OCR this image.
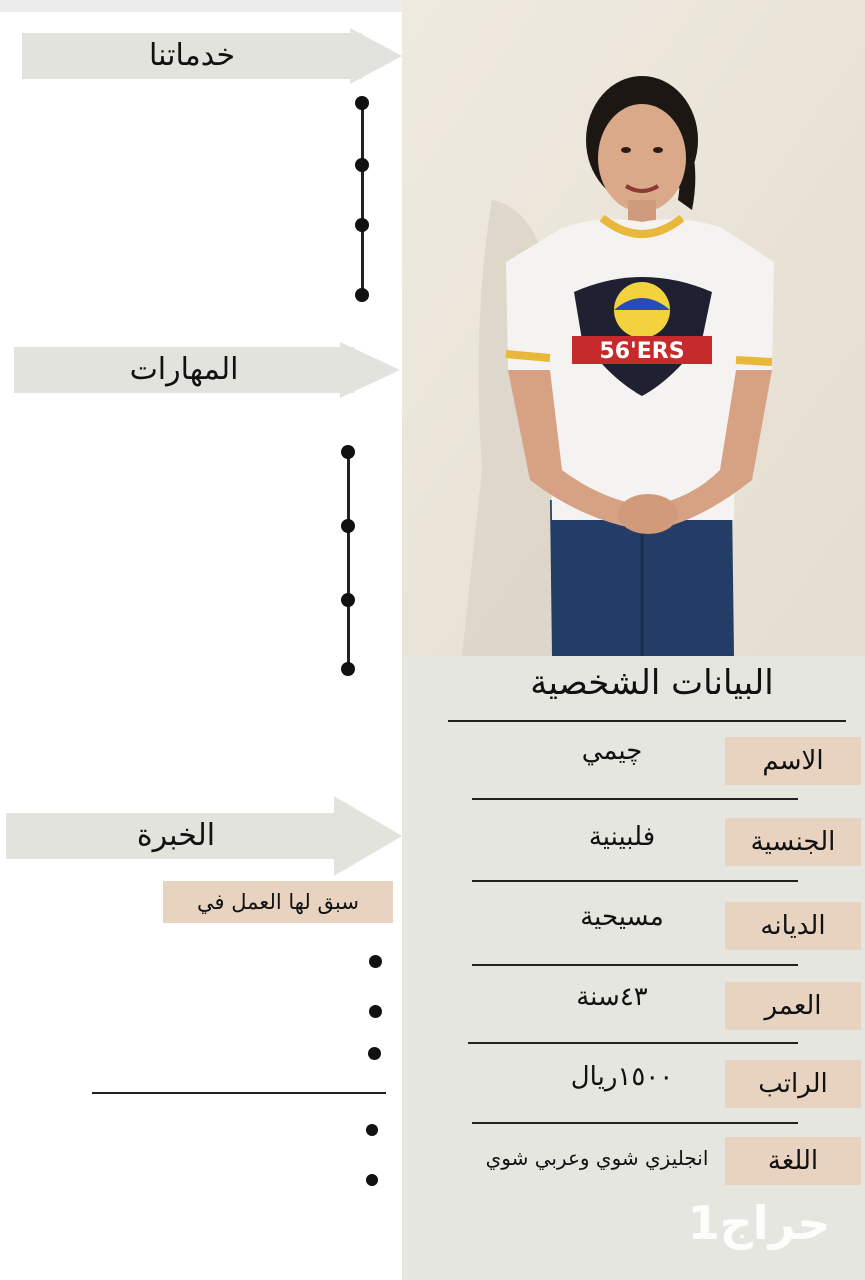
خدماتنا
المهارات
الخبرة
سبق لها العمل في
56'ERS
البيانات الشخصية
الاسم
چيمي
الجنسية
فلبينية
الديانه
مسيحية
العمر
٤٣سنة
الراتب
١٥٠٠ريال
اللغة
انجليزي شوي وعربي شوي
حراج1
